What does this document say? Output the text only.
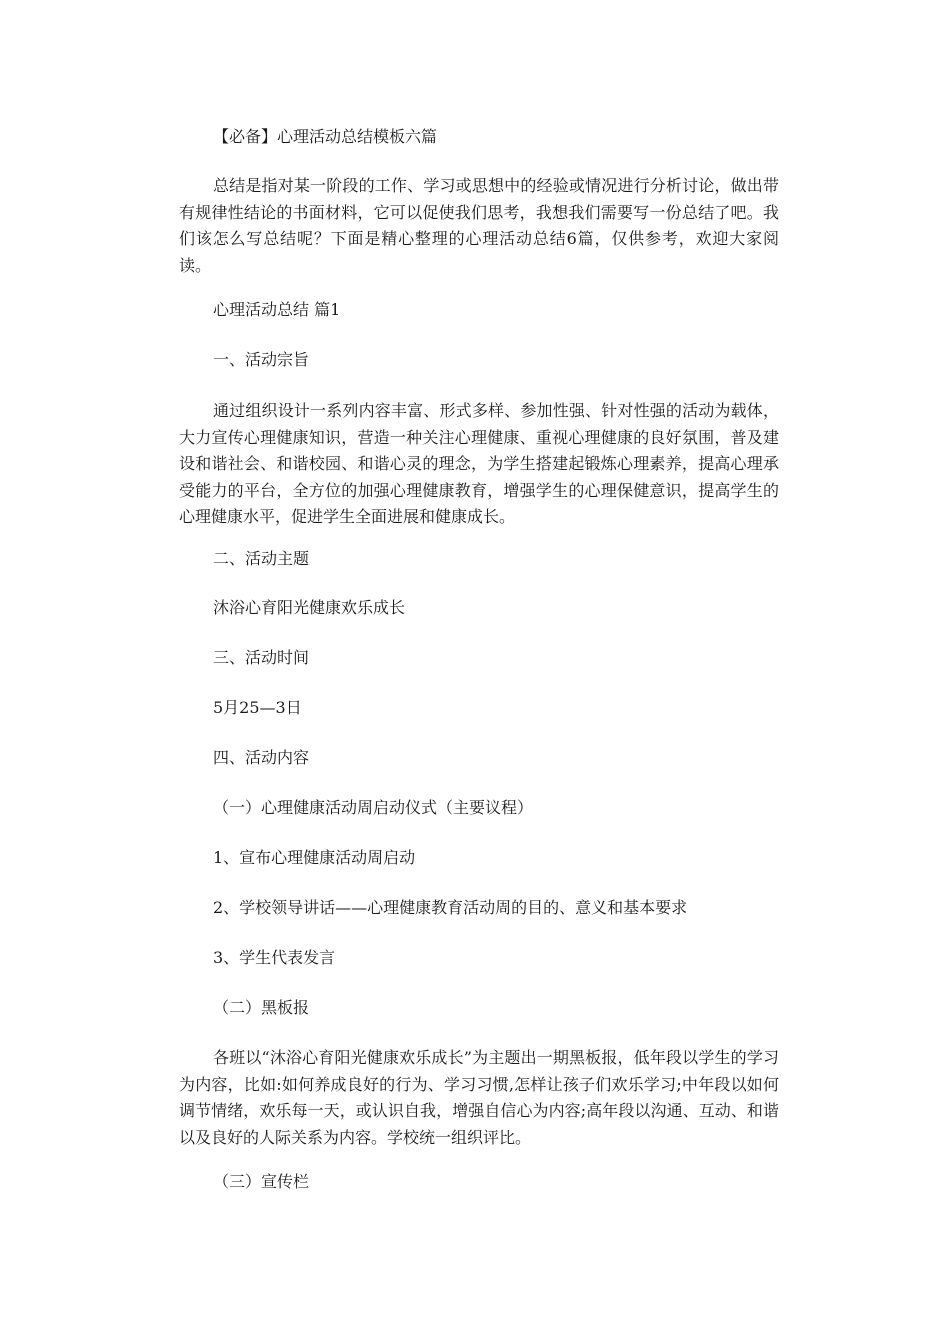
【必备】心理活动总结模板六篇

总结是指对某一阶段的工作、学习或思想中的经验或情况进行分析讨论，做出带有规律性结论的书面材料，它可以促使我们思考，我想我们需要写一份总结了吧。我们该怎么写总结呢？下面是精心整理的心理活动总结6篇，仅供参考，欢迎大家阅读。

心理活动总结 篇1
一、活动宗旨

通过组织设计一系列内容丰富、形式多样、参加性强、针对性强的活动为载体，大力宣传心理健康知识，营造一种关注心理健康、重视心理健康的良好氛围，普及建设和谐社会、和谐校园、和谐心灵的理念，为学生搭建起锻炼心理素养，提高心理承受能力的平台，全方位的加强心理健康教育，增强学生的心理保健意识，提高学生的心理健康水平，促进学生全面进展和健康成长。

二、活动主题
沐浴心育阳光健康欢乐成长
三、活动时间
5月25—3日
四、活动内容
（一）心理健康活动周启动仪式（主要议程）
1、宣布心理健康活动周启动
2、学校领导讲话——心理健康教育活动周的目的、意义和基本要求
3、学生代表发言
（二）黑板报

各班以“沐浴心育阳光健康欢乐成长”为主题出一期黑板报，低年段以学生的学习为内容，比如:如何养成良好的行为、学习习惯,怎样让孩子们欢乐学习;中年段以如何调节情绪，欢乐每一天，或认识自我，增强自信心为内容;高年段以沟通、互动、和谐以及良好的人际关系为内容。学校统一组织评比。

（三）宣传栏
